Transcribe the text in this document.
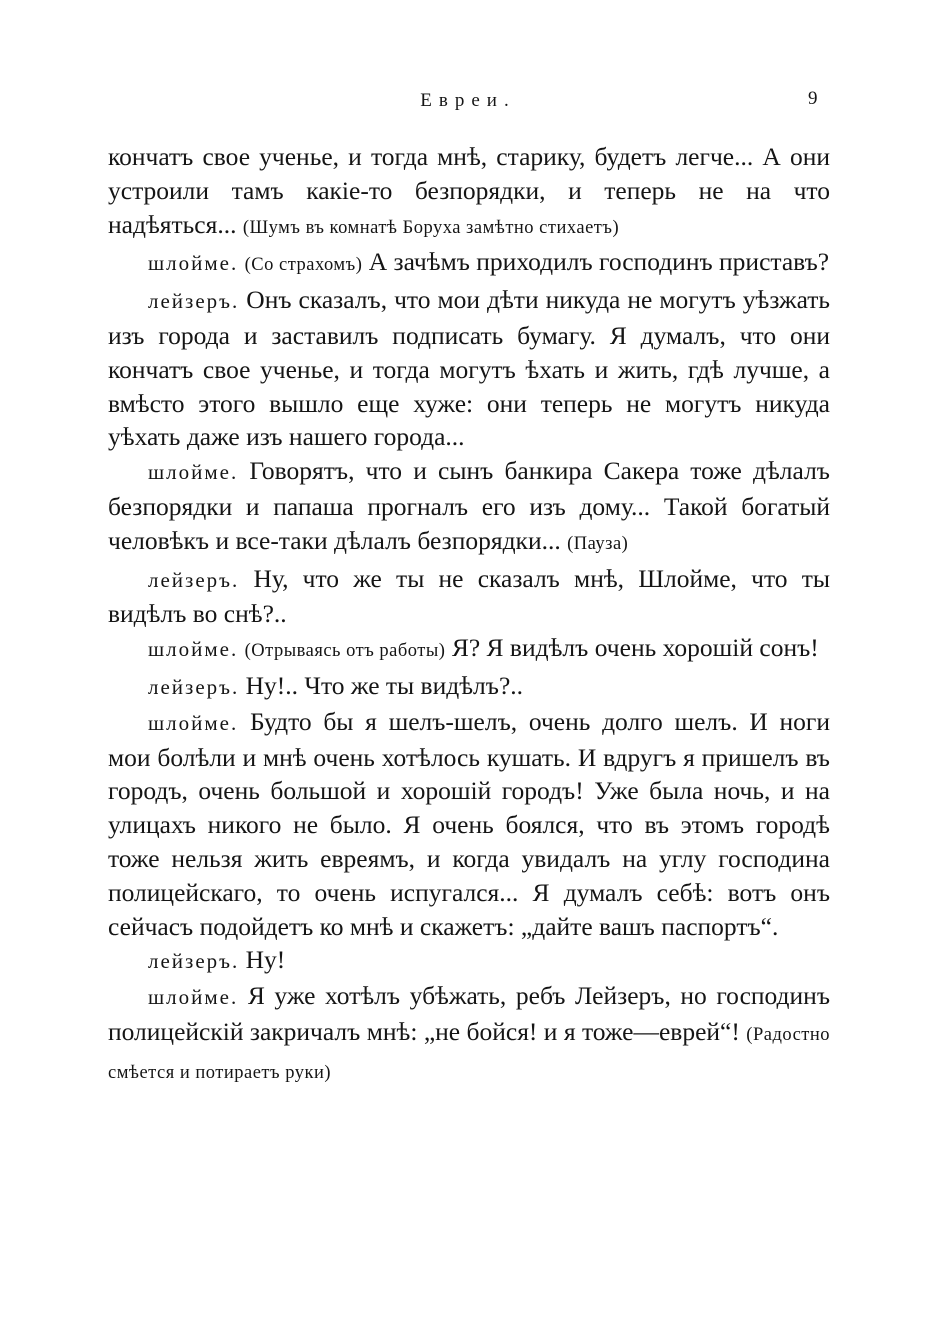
Евреи.	9

кончатъ свое ученье, и тогда мнѣ, старику, будетъ легче... А они устроили тамъ какіе-то безпорядки, и теперь не на что надѣяться... (Шумъ въ комнатѣ Боруха замѣтно стихаетъ)

шлойме. (Со страхомъ) А зачѣмъ приходилъ господинъ приставъ?

лейзеръ. Онъ сказалъ, что мои дѣти никуда не могутъ уѣзжать изъ города и заставилъ подписать бумагу. Я думалъ, что они кончатъ свое ученье, и тогда могутъ ѣхать и жить, гдѣ лучше, а вмѣсто этого вышло еще хуже: они теперь не могутъ никуда уѣхать даже изъ нашего города...

шлойме. Говорятъ, что и сынъ банкира Сакера тоже дѣлалъ безпорядки и папаша прогналъ его изъ дому... Такой богатый человѣкъ и все-таки дѣлалъ безпорядки... (Пауза)

лейзеръ. Ну, что же ты не сказалъ мнѣ, Шлойме, что ты видѣлъ во снѣ?..

шлойме. (Отрываясь отъ работы) Я? Я видѣлъ очень хорошій сонъ!

лейзеръ. Ну!.. Что же ты видѣлъ?..

шлойме. Будто бы я шелъ-шелъ, очень долго шелъ. И ноги мои болѣли и мнѣ очень хотѣлось кушать. И вдругъ я пришелъ въ городъ, очень большой и хорошій городъ! Уже была ночь, и на улицахъ никого не было. Я очень боялся, что въ этомъ городѣ тоже нельзя жить евреямъ, и когда увидалъ на углу господина полицейскаго, то очень испугался... Я думалъ себѣ: вотъ онъ сейчасъ подойдетъ ко мнѣ и скажетъ: „дайте вашъ паспортъ“.

лейзеръ. Ну!

шлойме. Я уже хотѣлъ убѣжать, ребъ Лейзеръ, но господинъ полицейскій закричалъ мнѣ: „не бойся! и я тоже—еврей“! (Радостно смѣется и потираетъ руки)
